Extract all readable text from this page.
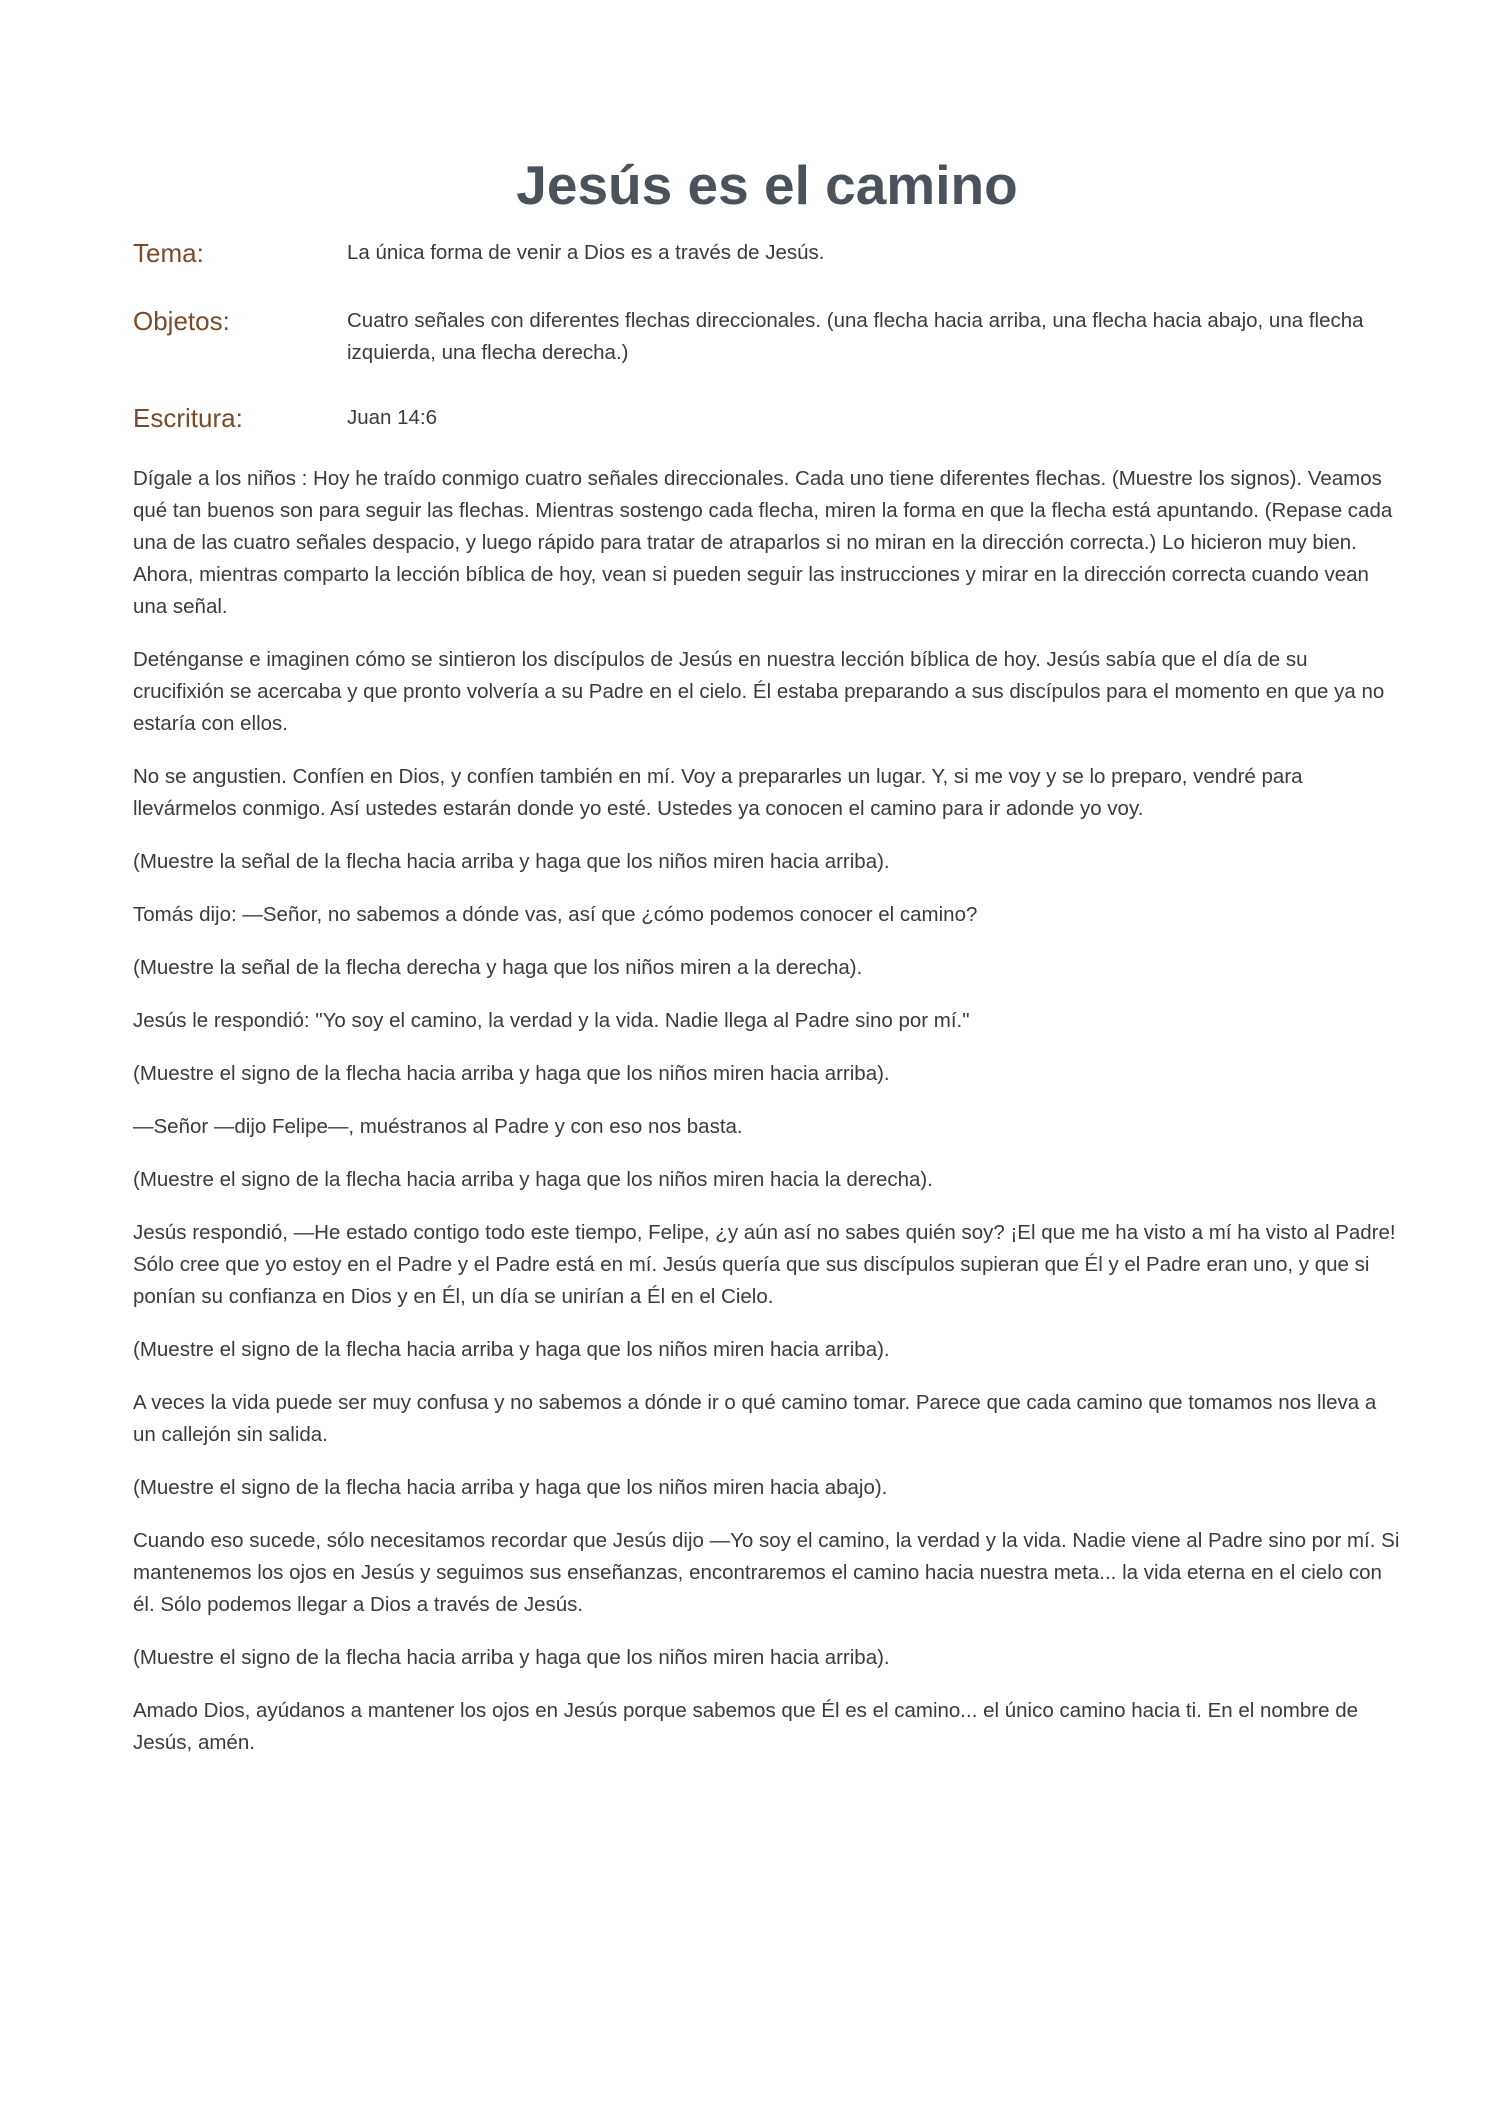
Jesús es el camino
Tema:	La única forma de venir a Dios es a través de Jesús.
Objetos:	Cuatro señales con diferentes flechas direccionales. (una flecha hacia arriba, una flecha hacia abajo, una flecha izquierda, una flecha derecha.)
Escritura:	Juan 14:6

Dígale a los niños : Hoy he traído conmigo cuatro señales direccionales. Cada uno tiene diferentes flechas. (Muestre los signos). Veamos qué tan buenos son para seguir las flechas. Mientras sostengo cada flecha, miren la forma en que la flecha está apuntando. (Repase cada una de las cuatro señales despacio, y luego rápido para tratar de atraparlos si no miran en la dirección correcta.) Lo hicieron muy bien. Ahora, mientras comparto la lección bíblica de hoy, vean si pueden seguir las instrucciones y mirar en la dirección correcta cuando vean una señal.

Deténganse e imaginen cómo se sintieron los discípulos de Jesús en nuestra lección bíblica de hoy. Jesús sabía que el día de su crucifixión se acercaba y que pronto volvería a su Padre en el cielo. Él estaba preparando a sus discípulos para el momento en que ya no estaría con ellos.

No se angustien. Confíen en Dios, y confíen también en mí. Voy a prepararles un lugar. Y, si me voy y se lo preparo, vendré para llevármelos conmigo. Así ustedes estarán donde yo esté. Ustedes ya conocen el camino para ir adonde yo voy.

(Muestre la señal de la flecha hacia arriba y haga que los niños miren hacia arriba).

Tomás dijo: —Señor, no sabemos a dónde vas, así que ¿cómo podemos conocer el camino?

(Muestre la señal de la flecha derecha y haga que los niños miren a la derecha).

Jesús le respondió: "Yo soy el camino, la verdad y la vida. Nadie llega al Padre sino por mí."

(Muestre el signo de la flecha hacia arriba y haga que los niños miren hacia arriba).

—Señor —dijo Felipe—, muéstranos al Padre y con eso nos basta.

(Muestre el signo de la flecha hacia arriba y haga que los niños miren hacia la derecha).

Jesús respondió, —He estado contigo todo este tiempo, Felipe, ¿y aún así no sabes quién soy? ¡El que me ha visto a mí ha visto al Padre! Sólo cree que yo estoy en el Padre y el Padre está en mí. Jesús quería que sus discípulos supieran que Él y el Padre eran uno, y que si ponían su confianza en Dios y en Él, un día se unirían a Él en el Cielo.

(Muestre el signo de la flecha hacia arriba y haga que los niños miren hacia arriba).

A veces la vida puede ser muy confusa y no sabemos a dónde ir o qué camino tomar. Parece que cada camino que tomamos nos lleva a un callejón sin salida.

(Muestre el signo de la flecha hacia arriba y haga que los niños miren hacia abajo).

Cuando eso sucede, sólo necesitamos recordar que Jesús dijo —Yo soy el camino, la verdad y la vida. Nadie viene al Padre sino por mí. Si mantenemos los ojos en Jesús y seguimos sus enseñanzas, encontraremos el camino hacia nuestra meta... la vida eterna en el cielo con él. Sólo podemos llegar a Dios a través de Jesús.

(Muestre el signo de la flecha hacia arriba y haga que los niños miren hacia arriba).

Amado Dios, ayúdanos a mantener los ojos en Jesús porque sabemos que Él es el camino... el único camino hacia ti. En el nombre de Jesús, amén.
